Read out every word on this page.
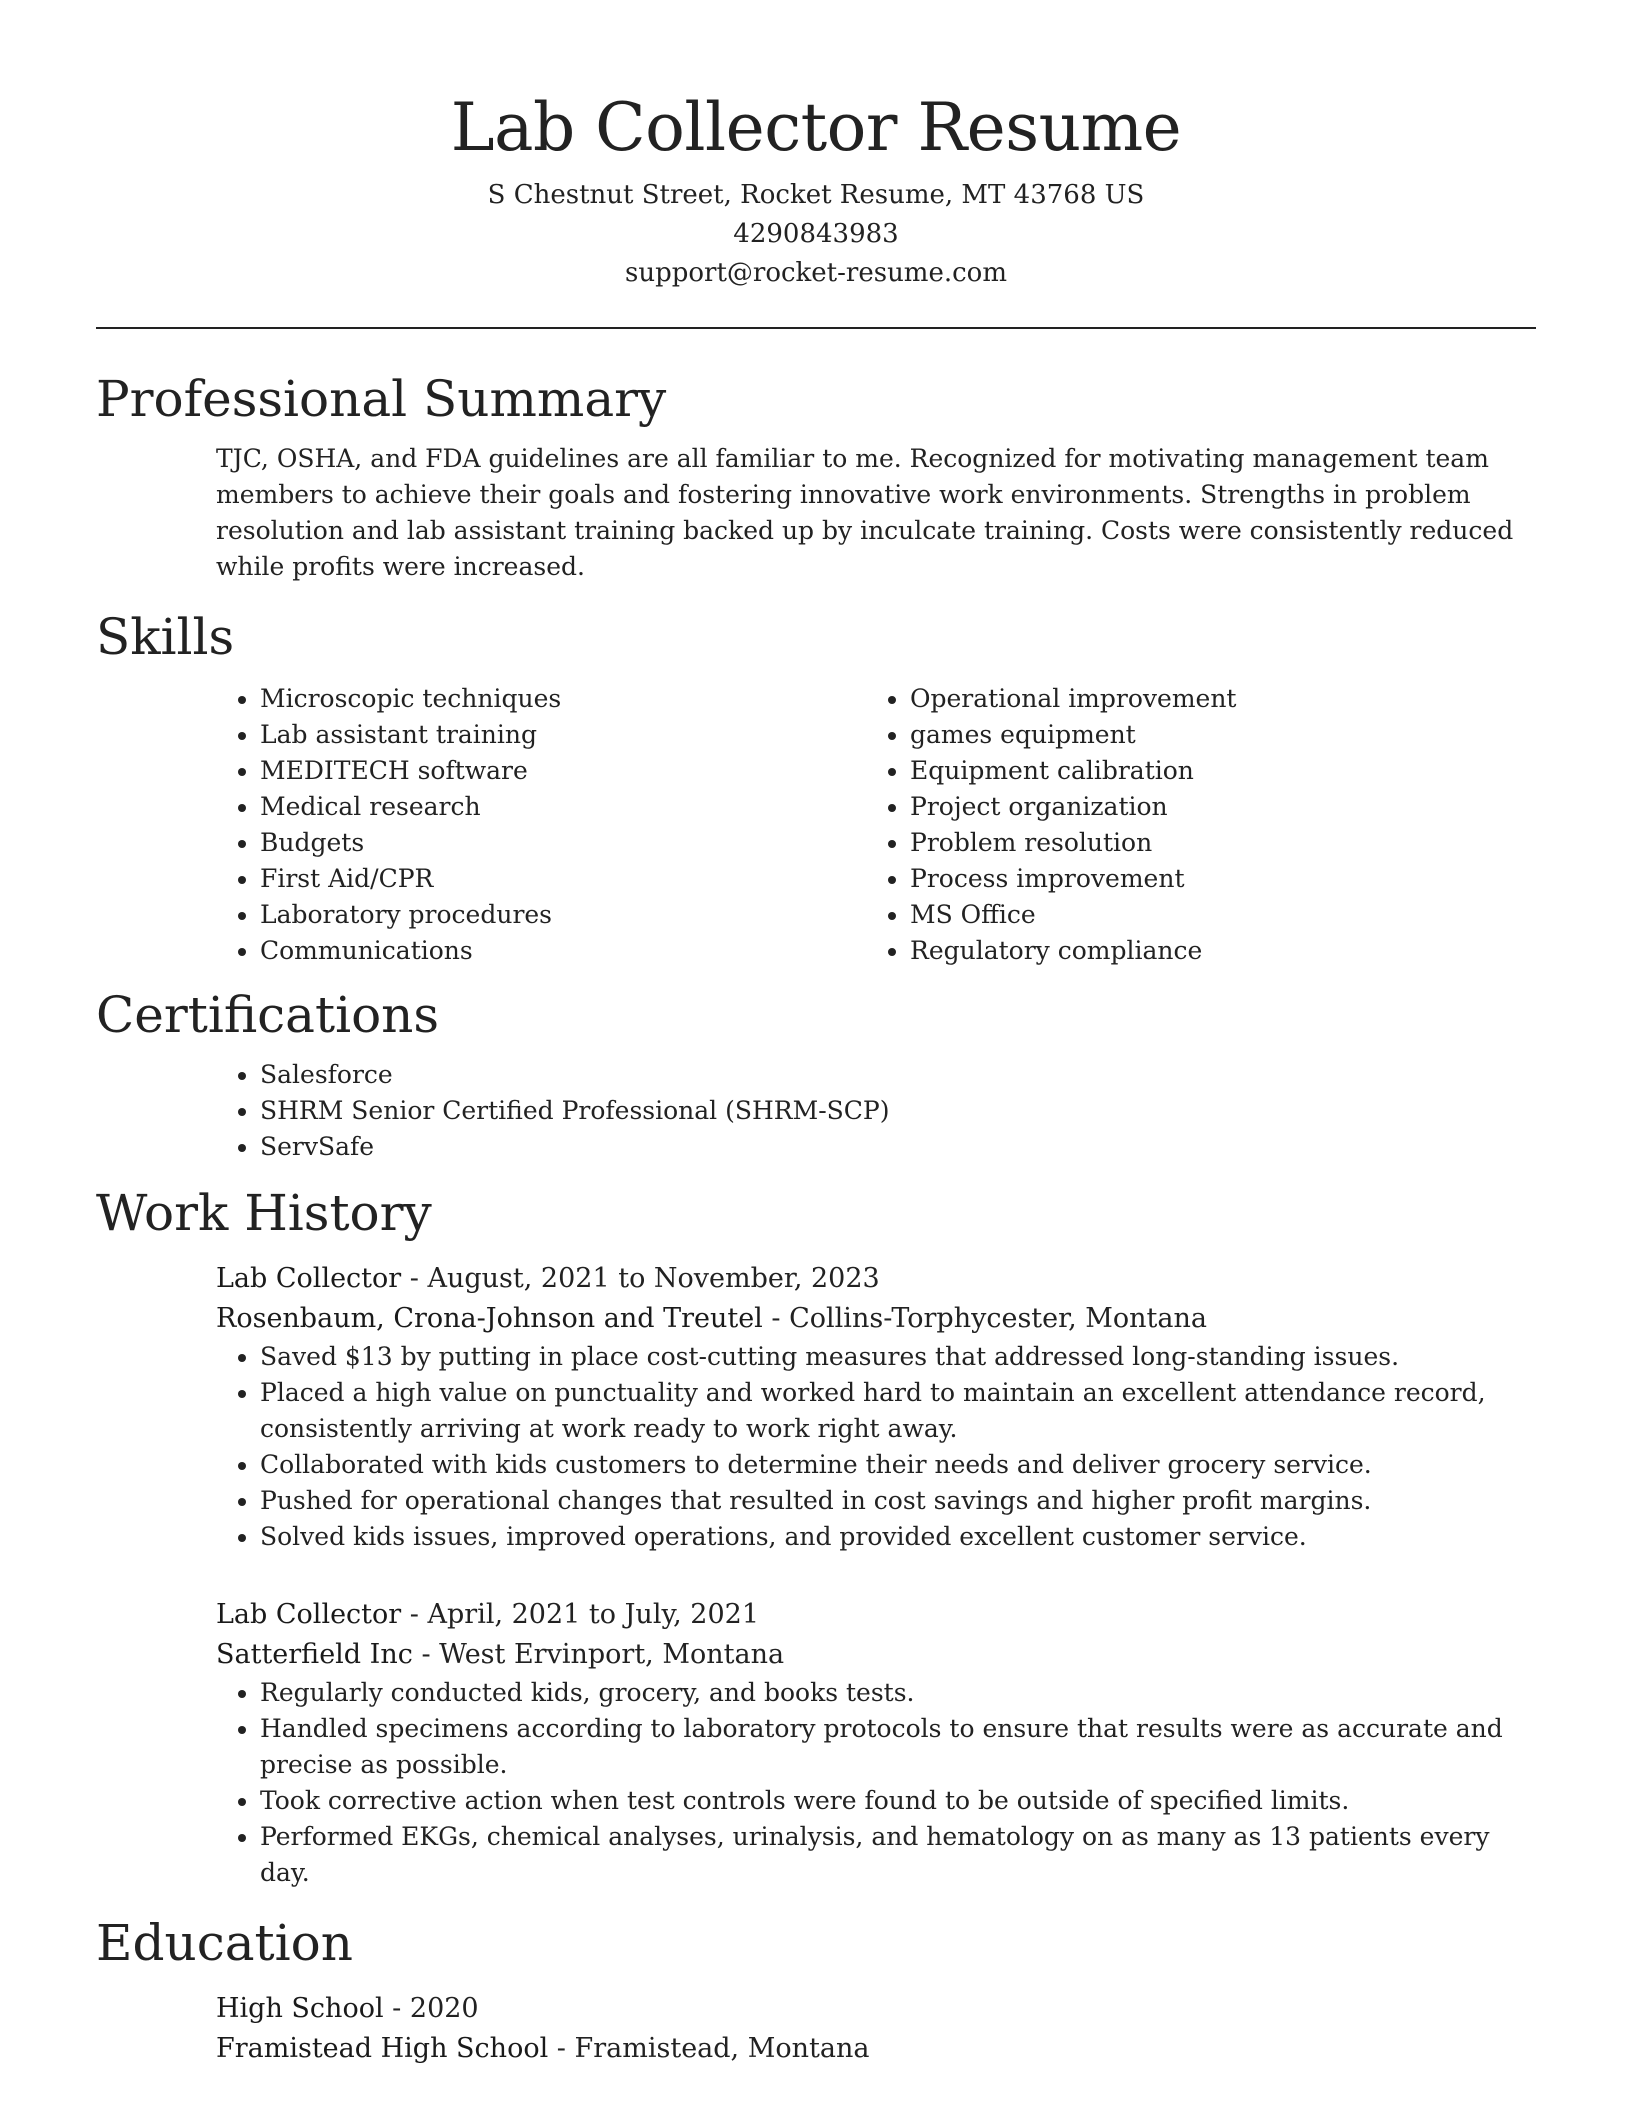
Lab Collector Resume
S Chestnut Street, Rocket Resume, MT 43768 US
4290843983
support@rocket-resume.com
Professional Summary

TJC, OSHA, and FDA guidelines are all familiar to me. Recognized for motivating management team members to achieve their goals and fostering innovative work environments. Strengths in problem resolution and lab assistant training backed up by inculcate training. Costs were consistently reduced while profits were increased.

Skills
• Microscopic techniques
• Lab assistant training
• MEDITECH software
• Medical research
• Budgets
• First Aid/CPR
• Laboratory procedures
• Communications
• Operational improvement
• games equipment
• Equipment calibration
• Project organization
• Problem resolution
• Process improvement
• MS Office
• Regulatory compliance
Certifications
• Salesforce
• SHRM Senior Certified Professional (SHRM-SCP)
• ServSafe
Work History
Lab Collector - August, 2021 to November, 2023
Rosenbaum, Crona-Johnson and Treutel - Collins-Torphycester, Montana
• Saved $13 by putting in place cost-cutting measures that addressed long-standing issues.
• Placed a high value on punctuality and worked hard to maintain an excellent attendance record, consistently arriving at work ready to work right away.
• Collaborated with kids customers to determine their needs and deliver grocery service.
• Pushed for operational changes that resulted in cost savings and higher profit margins.
• Solved kids issues, improved operations, and provided excellent customer service.
Lab Collector - April, 2021 to July, 2021
Satterfield Inc - West Ervinport, Montana
• Regularly conducted kids, grocery, and books tests.
• Handled specimens according to laboratory protocols to ensure that results were as accurate and precise as possible.
• Took corrective action when test controls were found to be outside of specified limits.
• Performed EKGs, chemical analyses, urinalysis, and hematology on as many as 13 patients every day.
Education
High School - 2020
Framistead High School - Framistead, Montana
